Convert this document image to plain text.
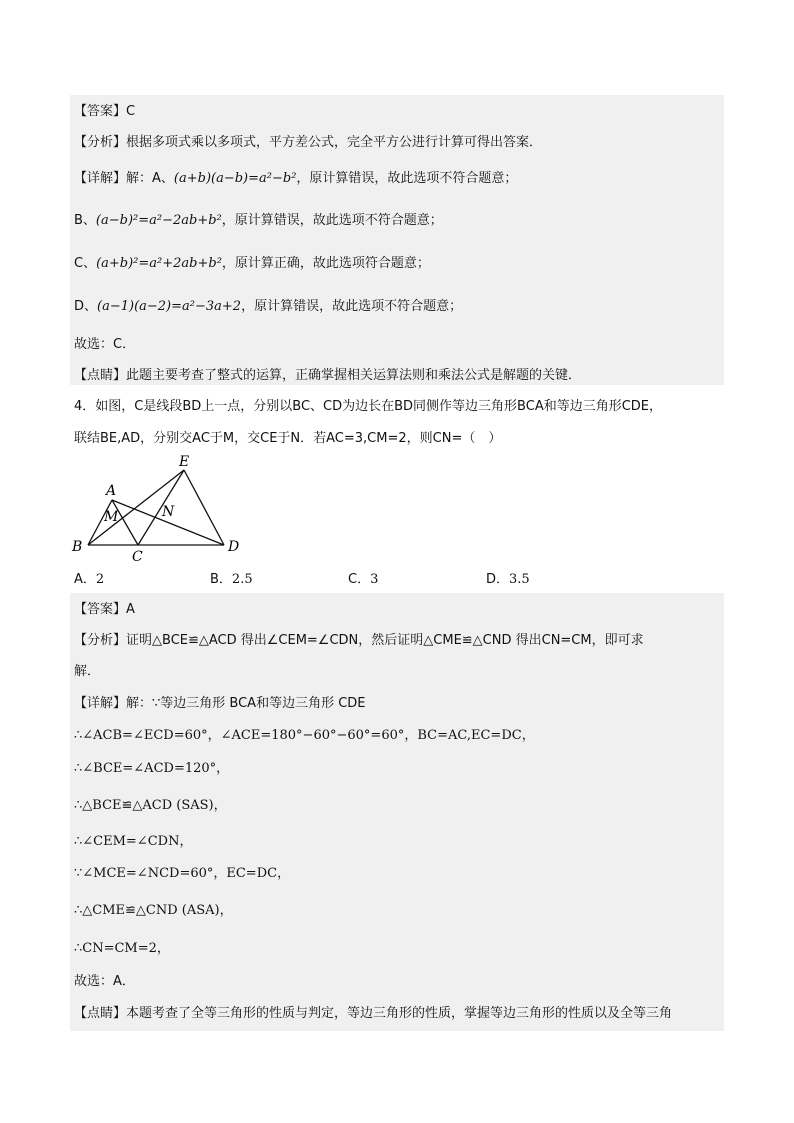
【答案】C
【分析】根据多项式乘以多项式，平方差公式，完全平方公进行计算可得出答案．
【详解】解：A、(a+b)(a−b)=a²−b²，原计算错误，故此选项不符合题意；
B、(a−b)²=a²−2ab+b²，原计算错误，故此选项不符合题意；
C、(a+b)²=a²+2ab+b²，原计算正确，故此选项符合题意；
D、(a−1)(a−2)=a²−3a+2，原计算错误，故此选项不符合题意；
故选：C．
【点睛】此题主要考查了整式的运算，正确掌握相关运算法则和乘法公式是解题的关键．
4．如图，C是线段BD上一点，分别以BC、CD为边长在BD同侧作等边三角形BCA和等边三角形CDE，
联结BE,AD，分别交AC于M，交CE于N．若AC=3,CM=2，则CN=（　）
E
A
M	N
B
C
D
A．2	B．2.5	C．3	D．3.5
【答案】A
【分析】证明△BCE≌△ACD 得出∠CEM=∠CDN，然后证明△CME≌△CND 得出CN=CM，即可求
解．
【详解】解：∵等边三角形 BCA和等边三角形 CDE
∴∠ACB=∠ECD=60°，∠ACE=180°−60°−60°=60°，BC=AC,EC=DC，
∴∠BCE=∠ACD=120°，
∴△BCE≌△ACD (SAS)，
∴∠CEM=∠CDN，
∵∠MCE=∠NCD=60°，EC=DC，
∴△CME≌△CND (ASA)，
∴CN=CM=2，
故选：A．
【点睛】本题考查了全等三角形的性质与判定，等边三角形的性质，掌握等边三角形的性质以及全等三角
